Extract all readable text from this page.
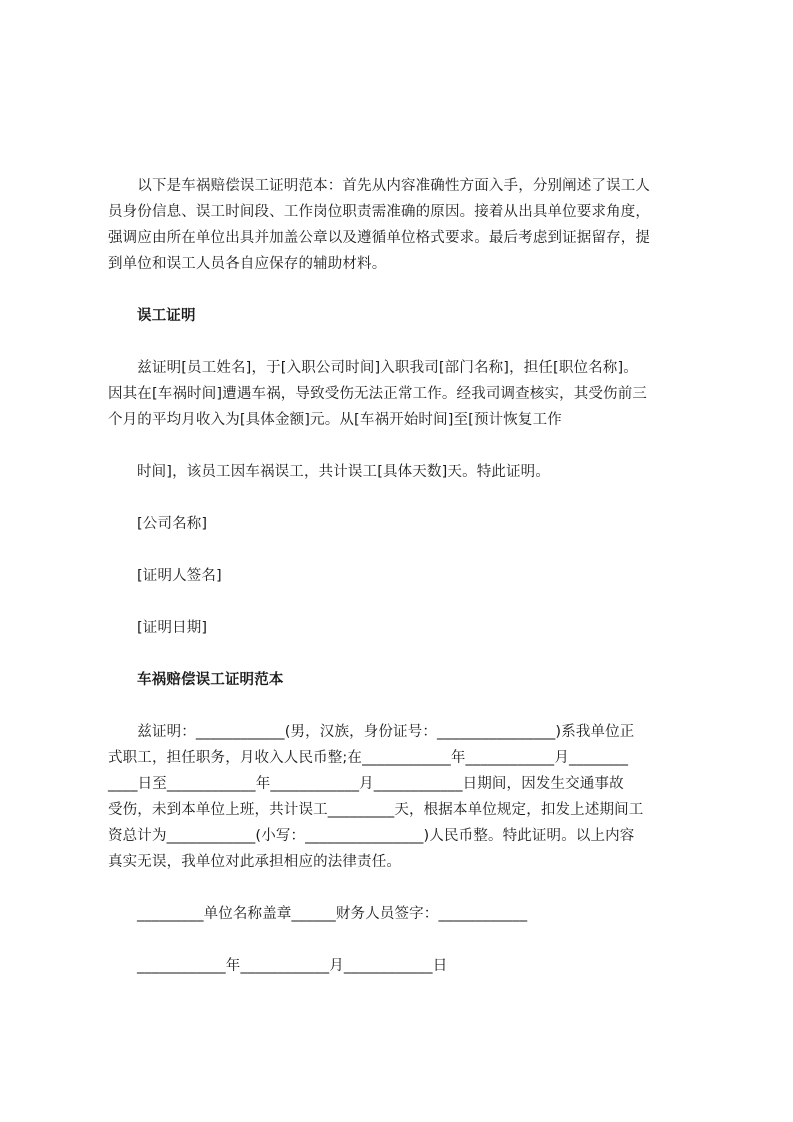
　　以下是车祸赔偿误工证明范本：首先从内容准确性方面入手，分别阐述了误工人
员身份信息、误工时间段、工作岗位职责需准确的原因。接着从出具单位要求角度，
强调应由所在单位出具并加盖公章以及遵循单位格式要求。最后考虑到证据留存，提
到单位和误工人员各自应保存的辅助材料。
误工证明
　　兹证明[员工姓名]，于[入职公司时间]入职我司[部门名称]，担任[职位名称]。
因其在[车祸时间]遭遇车祸，导致受伤无法正常工作。经我司调查核实，其受伤前三
个月的平均月收入为[具体金额]元。从[车祸开始时间]至[预计恢复工作
时间]，该员工因车祸误工，共计误工[具体天数]天。特此证明。
[公司名称]
[证明人签名]
[证明日期]
车祸赔偿误工证明范本
　　兹证明：____________(男，汉族，身份证号：________________)系我单位正
式职工，担任职务，月收入人民币整;在____________年____________月________
____日至____________年____________月____________日期间，因发生交通事故
受伤，未到本单位上班，共计误工_________天，根据本单位规定，扣发上述期间工
资总计为____________(小写：________________)人民币整。特此证明。以上内容
真实无误，我单位对此承担相应的法律责任。
_________单位名称盖章______财务人员签字：____________
____________年____________月____________日
